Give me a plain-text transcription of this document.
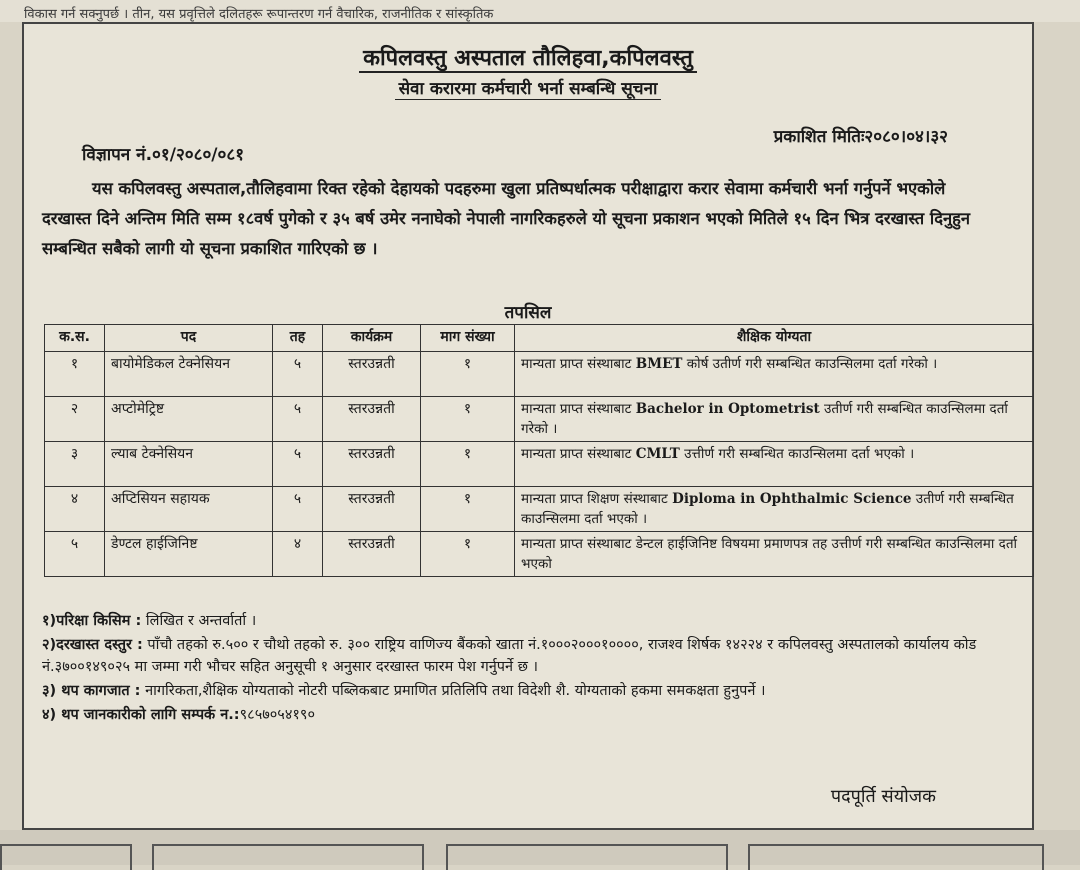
विकास गर्न सक्नुपर्छ । तीन, यस प्रवृत्तिले दलितहरू रूपान्तरण गर्न वैचारिक, राजनीतिक र सांस्कृतिक
कपिलवस्तु अस्पताल तौलिहवा,कपिलवस्तु
सेवा करारमा कर्मचारी भर्ना सम्बन्धि सूचना
प्रकाशित मितिः२०८०।०४।३२
विज्ञापन नं.०१/२०८०/०८१
यस कपिलवस्तु अस्पताल,तौलिहवामा रिक्त रहेको देहायको पदहरुमा खुला प्रतिष्पर्धात्मक परीक्षाद्वारा करार सेवामा कर्मचारी भर्ना गर्नुपर्ने भएकोले दरखास्त दिने अन्तिम मिति सम्म १८वर्ष पुगेको र ३५ बर्ष उमेर ननाघेको नेपाली नागरिकहरुले यो सूचना प्रकाशन भएको मितिले १५ दिन भित्र दरखास्त दिनुहुन सम्बन्धित सबैको लागी यो सूचना प्रकाशित गारिएको छ ।
तपसिल
क.स.	पद	तह	कार्यक्रम	माग संख्या	शैक्षिक योग्यता
१	बायोमेडिकल टेक्नेसियन	५	स्तरउन्नती	१	मान्यता प्राप्त संस्थाबाट BMET कोर्ष उतीर्ण गरी सम्बन्धित काउन्सिलमा दर्ता गरेको ।
२	अप्टोमेट्रिष्ट	५	स्तरउन्नती	१	मान्यता प्राप्त संस्थाबाट Bachelor in Optometrist उतीर्ण गरी सम्बन्धित काउन्सिलमा दर्ता गरेको ।
३	ल्याब टेक्नेसियन	५	स्तरउन्नती	१	मान्यता प्राप्त संस्थाबाट CMLT उत्तीर्ण गरी सम्बन्धित काउन्सिलमा दर्ता भएको ।
४	अप्टिसियन सहायक	५	स्तरउन्नती	१	मान्यता प्राप्त शिक्षण संस्थाबाट Diploma in Ophthalmic Science उतीर्ण गरी सम्बन्धित काउन्सिलमा दर्ता भएको ।
५	डेण्टल हाईजिनिष्ट	४	स्तरउन्नती	१	मान्यता प्राप्त संस्थाबाट डेन्टल हाईजिनिष्ट विषयमा प्रमाणपत्र तह उत्तीर्ण गरी सम्बन्धित काउन्सिलमा दर्ता भएको

१)परिक्षा किसिम : लिखित र अन्तर्वार्ता ।

२)दरखास्त दस्तुर : पाँचौ तहको रु.५०० र चौथो तहको रु. ३०० राष्ट्रिय वाणिज्य बैंकको खाता नं.१०००२०००१००००, राजश्व शिर्षक १४२२४ र कपिलवस्तु अस्पतालको कार्यालय कोड नं.३७००१४९०२५ मा जम्मा गरी भौचर सहित अनुसूची १ अनुसार दरखास्त फारम पेश गर्नुपर्ने छ ।

३) थप कागजात : नागरिकता,शैक्षिक योग्यताको नोटरी पब्लिकबाट प्रमाणित प्रतिलिपि तथा विदेशी शै. योग्यताको हकमा समकक्षता हुनुपर्ने ।

४) थप जानकारीको लागि सम्पर्क न.:९८५७०५४१९०

पदपूर्ति संयोजक
